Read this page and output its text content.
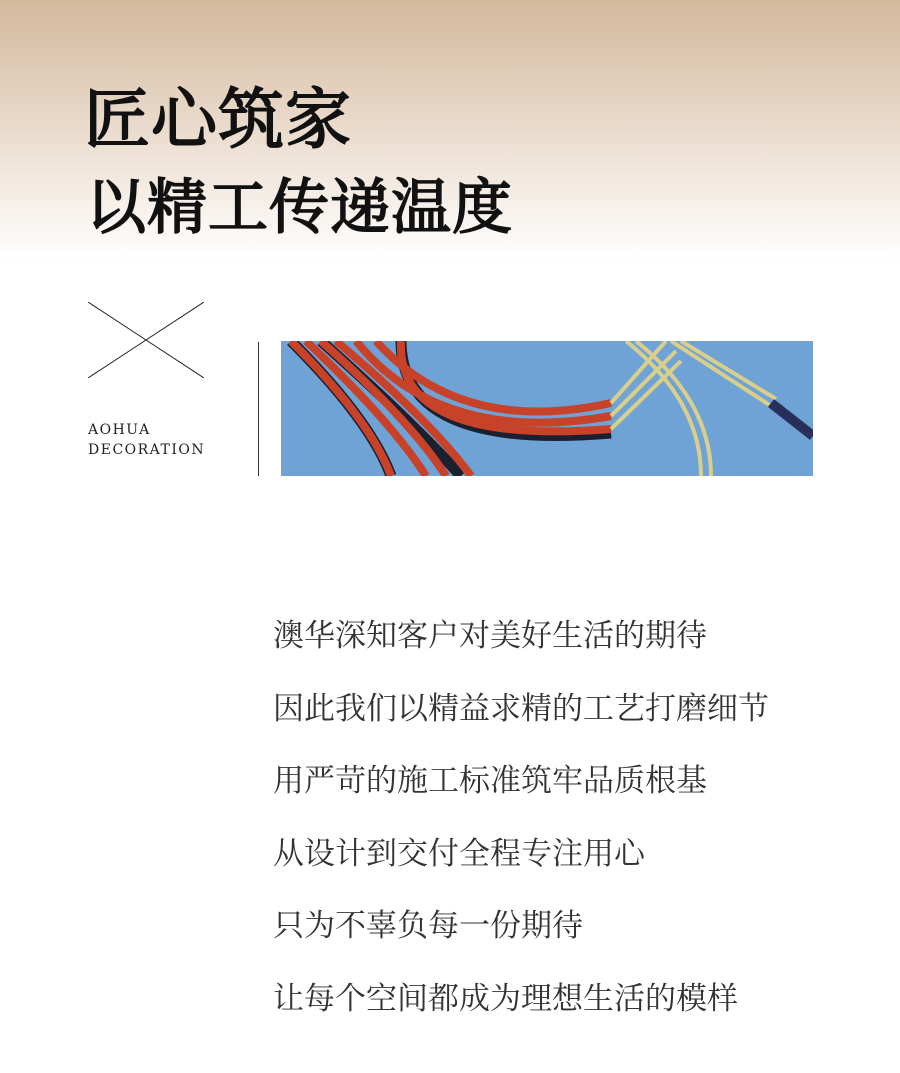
匠心筑家
以精工传递温度
AOHUA
DECORATION
澳华深知客户对美好生活的期待
因此我们以精益求精的工艺打磨细节
用严苛的施工标准筑牢品质根基
从设计到交付全程专注用心
只为不辜负每一份期待
让每个空间都成为理想生活的模样
